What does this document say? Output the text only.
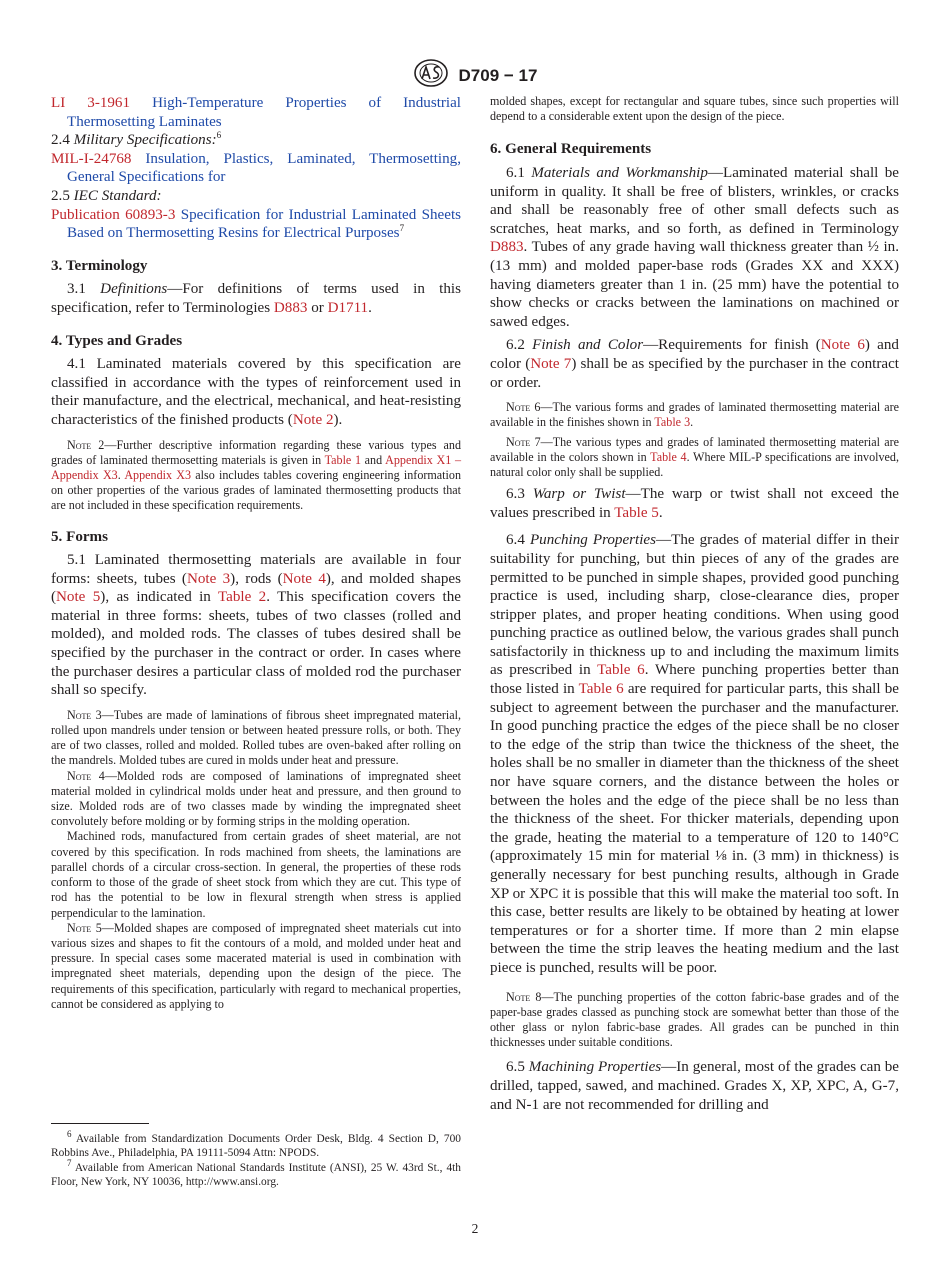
D709 − 17

LI 3-1961 High-Temperature Properties of Industrial Thermosetting Laminates

2.4 Military Specifications:$^6$

MIL-I-24768 Insulation, Plastics, Laminated, Thermosetting, General Specifications for

2.5 IEC Standard:

Publication 60893-3 Specification for Industrial Laminated Sheets Based on Thermosetting Resins for Electrical Purposes$^7$

3. Terminology

3.1 Definitions—For definitions of terms used in this specification, refer to Terminologies D883 or D1711.

4. Types and Grades

4.1 Laminated materials covered by this specification are classified in accordance with the types of reinforcement used in their manufacture, and the electrical, mechanical, and heat-resisting characteristics of the finished products (Note 2).

Note 2—Further descriptive information regarding these various types and grades of laminated thermosetting materials is given in Table 1 and Appendix X1 – Appendix X3. Appendix X3 also includes tables covering engineering information on other properties of the various grades of laminated thermosetting products that are not included in these specification requirements.

5. Forms

5.1 Laminated thermosetting materials are available in four forms: sheets, tubes (Note 3), rods (Note 4), and molded shapes (Note 5), as indicated in Table 2. This specification covers the material in three forms: sheets, tubes of two classes (rolled and molded), and molded rods. The classes of tubes desired shall be specified by the purchaser in the contract or order. In cases where the purchaser desires a particular class of molded rod the purchaser shall so specify.

Note 3—Tubes are made of laminations of fibrous sheet impregnated material, rolled upon mandrels under tension or between heated pressure rolls, or both. They are of two classes, rolled and molded. Rolled tubes are oven-baked after rolling on the mandrels. Molded tubes are cured in molds under heat and pressure.

Note 4—Molded rods are composed of laminations of impregnated sheet material molded in cylindrical molds under heat and pressure, and then ground to size. Molded rods are of two classes made by winding the impregnated sheet convolutely before molding or by forming strips in the molding operation.

Machined rods, manufactured from certain grades of sheet material, are not covered by this specification. In rods machined from sheets, the laminations are parallel chords of a circular cross-section. In general, the properties of these rods conform to those of the grade of sheet stock from which they are cut. This type of rod has the potential to be low in flexural strength when stress is applied perpendicular to the lamination.

Note 5—Molded shapes are composed of impregnated sheet materials cut into various sizes and shapes to fit the contours of a mold, and molded under heat and pressure. In special cases some macerated material is used in combination with impregnated sheet materials, depending upon the design of the piece. The requirements of this specification, particularly with regard to mechanical properties, cannot be considered as applying to

$^6$ Available from Standardization Documents Order Desk, Bldg. 4 Section D, 700 Robbins Ave., Philadelphia, PA 19111-5094 Attn: NPODS.

$^7$ Available from American National Standards Institute (ANSI), 25 W. 43rd St., 4th Floor, New York, NY 10036, http://www.ansi.org.

molded shapes, except for rectangular and square tubes, since such properties will depend to a considerable extent upon the design of the piece.

6. General Requirements

6.1 Materials and Workmanship—Laminated material shall be uniform in quality. It shall be free of blisters, wrinkles, or cracks and shall be reasonably free of other small defects such as scratches, heat marks, and so forth, as defined in Terminology D883. Tubes of any grade having wall thickness greater than ½ in. (13 mm) and molded paper-base rods (Grades XX and XXX) having diameters greater than 1 in. (25 mm) have the potential to show checks or cracks between the laminations on machined or sawed edges.

6.2 Finish and Color—Requirements for finish (Note 6) and color (Note 7) shall be as specified by the purchaser in the contract or order.

Note 6—The various forms and grades of laminated thermosetting material are available in the finishes shown in Table 3.

Note 7—The various types and grades of laminated thermosetting material are available in the colors shown in Table 4. Where MIL-P specifications are involved, natural color only shall be supplied.

6.3 Warp or Twist—The warp or twist shall not exceed the values prescribed in Table 5.

6.4 Punching Properties—The grades of material differ in their suitability for punching, but thin pieces of any of the grades are permitted to be punched in simple shapes, provided good punching practice is used, including sharp, close-clearance dies, proper stripper plates, and proper heating conditions. When using good punching practice as outlined below, the various grades shall punch satisfactorily in thickness up to and including the maximum limits as prescribed in Table 6. Where punching properties better than those listed in Table 6 are required for particular parts, this shall be subject to agreement between the purchaser and the manufacturer. In good punching practice the edges of the piece shall be no closer to the edge of the strip than twice the thickness of the sheet, the holes shall be no smaller in diameter than the thickness of the sheet nor have square corners, and the distance between the holes or between the holes and the edge of the piece shall be no less than the thickness of the sheet. For thicker materials, depending upon the grade, heating the material to a temperature of 120 to 140°C (approximately 15 min for material ⅛ in. (3 mm) in thickness) is generally necessary for best punching results, although in Grade XP or XPC it is possible that this will make the material too soft. In this case, better results are likely to be obtained by heating at lower temperatures or for a shorter time. If more than 2 min elapse between the time the strip leaves the heating medium and the last piece is punched, results will be poor.

Note 8—The punching properties of the cotton fabric-base grades and of the paper-base grades classed as punching stock are somewhat better than those of the other glass or nylon fabric-base grades. All grades can be punched in thin thicknesses under suitable conditions.

6.5 Machining Properties—In general, most of the grades can be drilled, tapped, sawed, and machined. Grades X, XP, XPC, A, G-7, and N-1 are not recommended for drilling and

2
